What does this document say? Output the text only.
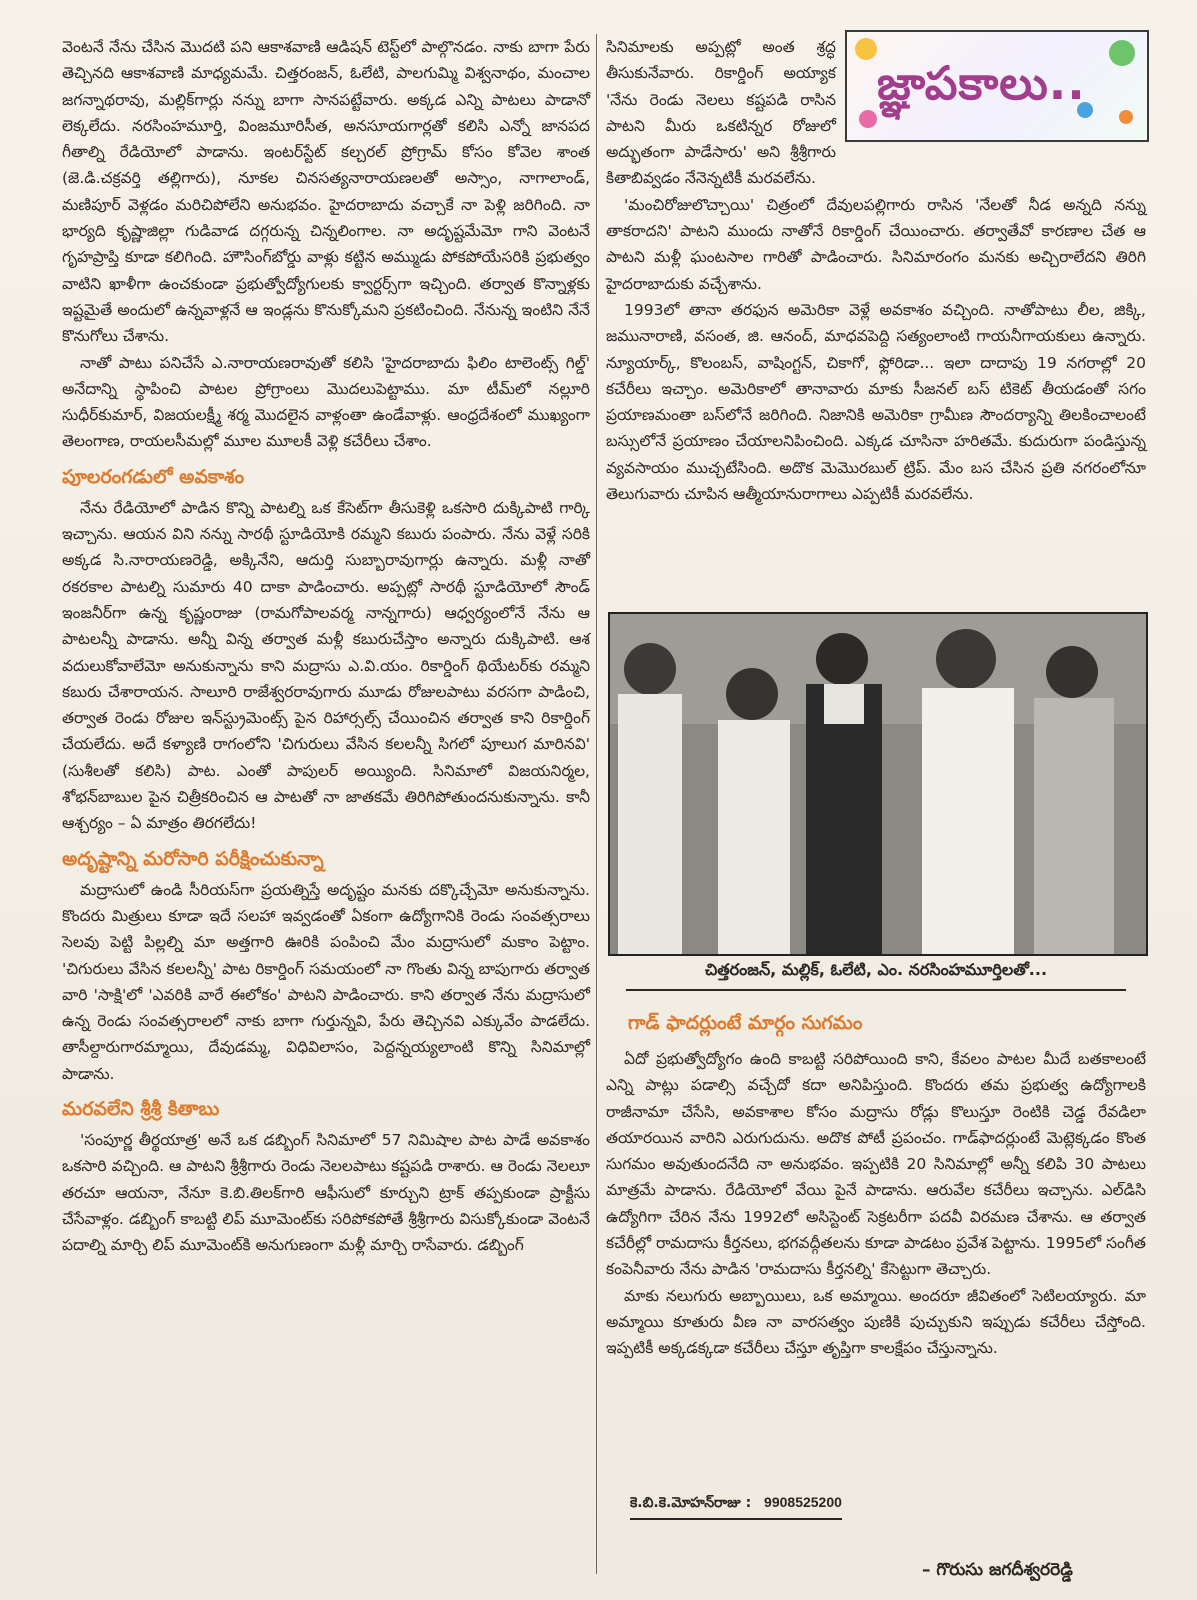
వెంటనే నేను చేసిన మొదటి పని ఆకాశవాణి ఆడిషన్ టెస్ట్‌లో పాల్గొనడం. నాకు బాగా పేరు తెచ్చినది ఆకాశవాణి మాధ్యమమే. చిత్తరంజన్, ఓలేటి, పాలగుమ్మి విశ్వనాథం, మంచాల జగన్నాథరావు, మల్లిక్‌గార్లు నన్ను బాగా సానపట్టేవారు. అక్కడ ఎన్ని పాటలు పాడానో లెక్కలేదు. నరసింహమూర్తి, వింజమూరిసీత, అనసూయగార్లతో కలిసి ఎన్నో జానపద గీతాల్ని రేడియోలో పాడాను. ఇంటర్‌స్టేట్ కల్చరల్ ప్రోగ్రామ్ కోసం కోవెల శాంత (జె.డి.చక్రవర్తి తల్లిగారు), నూకల చినసత్యనారాయణలతో అస్సాం, నాగాలాండ్, మణిపూర్ వెళ్లడం మరిచిపోలేని అనుభవం. హైదరాబాదు వచ్చాకే నా పెళ్లి జరిగింది. నా భార్యది కృష్ణాజిల్లా గుడివాడ దగ్గరున్న చిన్నలింగాల. నా అదృష్టమేమో గాని వెంటనే గృహప్రాప్తి కూడా కలిగింది. హౌసింగ్‌బోర్డు వాళ్లు కట్టిన అమ్ముడు పోకపోయేసరికి ప్రభుత్వం వాటిని ఖాళీగా ఉంచకుండా ప్రభుత్వోద్యోగులకు క్వార్టర్స్‌గా ఇచ్చింది. తర్వాత కొన్నాళ్లకు ఇష్టమైతే అందులో ఉన్నవాళ్లనే ఆ ఇండ్లను కొనుక్కోమని ప్రకటించింది. నేనున్న ఇంటిని నేనే కొనుగోలు చేశాను.

నాతో పాటు పనిచేసే ఎ.నారాయణరావుతో కలిసి 'హైదరాబాదు ఫిలిం టాలెంట్స్ గిల్డ్' అనేదాన్ని స్థాపించి పాటల ప్రోగ్రాంలు మొదలుపెట్టాము. మా టీమ్‌లో నల్లూరి సుధీర్‌కుమార్, విజయలక్ష్మీ శర్మ మొదలైన వాళ్లంతా ఉండేవాళ్లు. ఆంధ్రదేశంలో ముఖ్యంగా తెలంగాణ, రాయలసీమల్లో మూల మూలకీ వెళ్లి కచేరీలు చేశాం.

పూలరంగడులో అవకాశం

నేను రేడియోలో పాడిన కొన్ని పాటల్ని ఒక కేసెట్‌గా తీసుకెళ్లి ఒకసారి దుక్కిపాటి గార్కి ఇచ్చాను. ఆయన విని నన్ను సారథీ స్టూడియోకి రమ్మని కబురు పంపారు. నేను వెళ్లే సరికి అక్కడ సి.నారాయణరెడ్డి, అక్కినేని, ఆదుర్తి సుబ్బారావుగార్లు ఉన్నారు. మళ్లీ నాతో రకరకాల పాటల్ని సుమారు 40 దాకా పాడించారు. అప్పట్లో సారథీ స్టూడియోలో సౌండ్ ఇంజనీర్‌గా ఉన్న కృష్ణంరాజు (రామగోపాలవర్మ నాన్నగారు) ఆధ్వర్యంలోనే నేను ఆ పాటలన్నీ పాడాను. అన్నీ విన్న తర్వాత మళ్లీ కబురుచేస్తాం అన్నారు దుక్కిపాటి. ఆశ వదులుకోవాలేమో అనుకున్నాను కాని మద్రాసు ఎ.వి.యం. రికార్డింగ్ థియేటర్‌కు రమ్మని కబురు చేశారాయన. సాలూరి రాజేశ్వరరావుగారు మూడు రోజులపాటు వరసగా పాడించి, తర్వాత రెండు రోజుల ఇన్‌స్ట్రుమెంట్స్ పైన రిహార్సల్స్ చేయించిన తర్వాత కాని రికార్డింగ్ చేయలేదు. అదే కళ్యాణి రాగంలోని 'చిగురులు వేసిన కలలన్నీ సిగలో పూలుగ మారినవి' (సుశీలతో కలిసి) పాట. ఎంతో పాపులర్ అయ్యింది. సినిమాలో విజయనిర్మల, శోభన్‌బాబుల పైన చిత్రీకరించిన ఆ పాటతో నా జాతకమే తిరిగిపోతుందనుకున్నాను. కానీ ఆశ్చర్యం – ఏ మాత్రం తిరగలేదు!

అదృష్టాన్ని మరోసారి పరీక్షించుకున్నా

మద్రాసులో ఉండి సీరియస్‌గా ప్రయత్నిస్తే అదృష్టం మనకు దక్కొచ్చేమో అనుకున్నాను. కొందరు మిత్రులు కూడా ఇదే సలహా ఇవ్వడంతో ఏకంగా ఉద్యోగానికి రెండు సంవత్సరాలు సెలవు పెట్టి పిల్లల్ని మా అత్తగారి ఊరికి పంపించి మేం మద్రాసులో మకాం పెట్టాం. 'చిగురులు వేసిన కలలన్నీ' పాట రికార్డింగ్ సమయంలో నా గొంతు విన్న బాపుగారు తర్వాత వారి 'సాక్షి'లో 'ఎవరికి వారే ఈలోకం' పాటని పాడించారు. కాని తర్వాత నేను మద్రాసులో ఉన్న రెండు సంవత్సరాలలో నాకు బాగా గుర్తున్నవి, పేరు తెచ్చినవి ఎక్కువేం పాడలేదు. తాసీల్దారుగారమ్మాయి, దేవుడమ్మ, విధివిలాసం, పెద్దన్నయ్యలాంటి కొన్ని సినిమాల్లో పాడాను.

మరవలేని శ్రీశ్రీ కితాబు

'సంపూర్ణ తీర్థయాత్ర' అనే ఒక డబ్బింగ్ సినిమాలో 57 నిమిషాల పాట పాడే అవకాశం ఒకసారి వచ్చింది. ఆ పాటని శ్రీశ్రీగారు రెండు నెలలపాటు కష్టపడి రాశారు. ఆ రెండు నెలలూ తరచూ ఆయనా, నేనూ కె.బి.తిలక్‌గారి ఆఫీసులో కూర్చుని ట్రాక్ తప్పకుండా ప్రాక్టీసు చేసేవాళ్లం. డబ్బింగ్ కాబట్టి లిప్ మూమెంట్‌కు సరిపోకపోతే శ్రీశ్రీగారు విసుక్కోకుండా వెంటనే పదాల్ని మార్చి లిప్ మూమెంట్‌కి అనుగుణంగా మళ్లీ మార్చి రాసేవారు. డబ్బింగ్

జ్ఞాపకాలు..

సినిమాలకు అప్పట్లో అంత శ్రద్ధ తీసుకునేవారు. రికార్డింగ్ అయ్యాక 'నేను రెండు నెలలు కష్టపడి రాసిన పాటని మీరు ఒకటిన్నర రోజులో అద్భుతంగా పాడేసారు' అని శ్రీశ్రీగారు కితాబివ్వడం నేనెన్నటికీ మరవలేను.

'మంచిరోజులొచ్చాయి' చిత్రంలో దేవులపల్లిగారు రాసిన 'నేలతో నీడ అన్నది నన్ను తాకరాదని' పాటని ముందు నాతోనే రికార్డింగ్ చేయించారు. తర్వాతేవో కారణాల చేత ఆ పాటని మళ్లీ ఘంటసాల గారితో పాడించారు. సినిమారంగం మనకు అచ్చిరాలేదని తిరిగి హైదరాబాదుకు వచ్చేశాను.

1993లో తానా తరఫున అమెరికా వెళ్లే అవకాశం వచ్చింది. నాతోపాటు లీల, జిక్కి, జమునారాణి, వసంత, జి. ఆనంద్, మాధవపెద్ది సత్యంలాంటి గాయనీగాయకులు ఉన్నారు. న్యూయార్క్, కొలంబస్, వాషింగ్టన్, చికాగో, ఫ్లోరిడా... ఇలా దాదాపు 19 నగరాల్లో 20 కచేరీలు ఇచ్చాం. అమెరికాలో తానావారు మాకు సీజనల్ బస్ టికెట్ తీయడంతో సగం ప్రయాణమంతా బస్‌లోనే జరిగింది. నిజానికి అమెరికా గ్రామీణ సౌందర్యాన్ని తిలకించాలంటే బస్సులోనే ప్రయాణం చేయాలనిపించింది. ఎక్కడ చూసినా హరితమే. కుదురుగా పండిస్తున్న వ్యవసాయం ముచ్చటేసింది. అదొక మెమొరబుల్ ట్రిప్. మేం బస చేసిన ప్రతి నగరంలోనూ తెలుగువారు చూపిన ఆత్మీయానురాగాలు ఎప్పటికీ మరవలేను.

చిత్తరంజన్, మల్లిక్, ఓలేటి, ఎం. నరసింహమూర్తిలతో...
గాడ్ ఫాదర్లుంటే మార్గం సుగమం

ఏదో ప్రభుత్వోద్యోగం ఉంది కాబట్టి సరిపోయింది కాని, కేవలం పాటల మీదే బతకాలంటే ఎన్ని పాట్లు పడాల్సి వచ్చేదో కదా అనిపిస్తుంది. కొందరు తమ ప్రభుత్వ ఉద్యోగాలకి రాజీనామా చేసేసి, అవకాశాల కోసం మద్రాసు రోడ్లు కొలుస్తూ రెంటికి చెడ్డ రేవడిలా తయారయిన వారిని ఎరుగుదును. అదొక పోటీ ప్రపంచం. గాడ్‌ఫాదర్లుంటే మెట్లెక్కడం కొంత సుగమం అవుతుందనేది నా అనుభవం. ఇప్పటికి 20 సినిమాల్లో అన్నీ కలిపి 30 పాటలు మాత్రమే పాడాను. రేడియోలో వేయి పైనే పాడాను. ఆరువేల కచేరీలు ఇచ్చాను. ఎల్‌డిసి ఉద్యోగిగా చేరిన నేను 1992లో అసిస్టెంట్ సెక్రటరీగా పదవీ విరమణ చేశాను. ఆ తర్వాత కచేరీల్లో రామదాసు కీర్తనలు, భగవద్గీతలను కూడా పాడటం ప్రవేశ పెట్టాను. 1995లో సంగీత కంపెనీవారు నేను పాడిన 'రామదాసు కీర్తనల్ని' కేసెట్టుగా తెచ్చారు.

మాకు నలుగురు అబ్బాయిలు, ఒక అమ్మాయి. అందరూ జీవితంలో సెటిలయ్యారు. మా అమ్మాయి కూతురు వీణ నా వారసత్వం పుణికి పుచ్చుకుని ఇప్పుడు కచేరీలు చేస్తోంది. ఇప్పటికీ అక్కడక్కడా కచేరీలు చేస్తూ తృప్తిగా కాలక్షేపం చేస్తున్నాను.

కె.బి.కె.మోహన్‌రాజు : 9908525200
– గొరుసు జగదీశ్వరరెడ్డి
